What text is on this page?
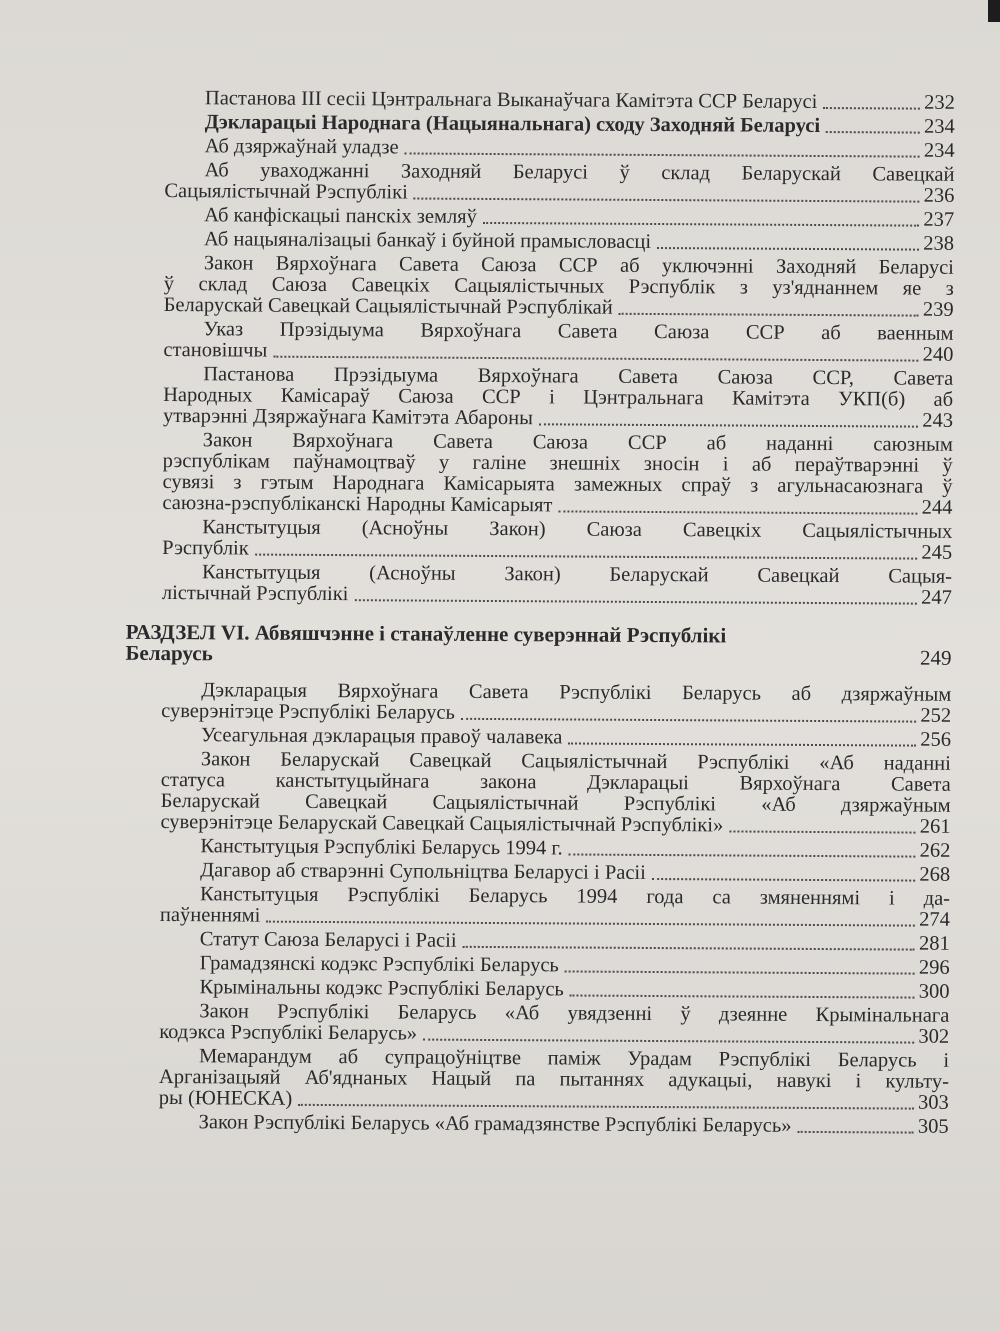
Пастанова ІІІ сесіі Цэнтральнага Выканаўчага Камітэта ССР Беларусі	232
Дэкларацыі Народнага (Нацыянальнага) сходу Заходняй Беларусі	234
Аб дзяржаўнай уладзе	234
Аб уваходжанні Заходняй Беларусі ў склад Беларускай Савецкай
Сацыялістычнай Рэспублікі	236
Аб канфіскацыі панскіх земляў	237
Аб нацыяналізацыі банкаў і буйной прамысловасці	238
Закон Вярхоўнага Савета Саюза ССР аб уключэнні Заходняй Беларусі
ў склад Саюза Савецкіх Сацыялістычных Рэспублік з уз'яднаннем яе з
Беларускай Савецкай Сацыялістычнай Рэспублікай	239
Указ Прэзідыума Вярхоўнага Савета Саюза ССР аб ваенным
становішчы	240
Пастанова Прэзідыума Вярхоўнага Савета Саюза ССР, Савета
Народных Камісараў Саюза ССР і Цэнтральнага Камітэта УКП(б) аб
утварэнні Дзяржаўнага Камітэта Абароны	243
Закон Вярхоўнага Савета Саюза ССР аб наданні саюзным
рэспублікам паўнамоцтваў у галіне знешніх зносін і аб пераўтварэнні ў
сувязі з гэтым Народнага Камісарыята замежных спраў з агульнасаюзнага ў
саюзна-рэспубліканскі Народны Камісарыят	244
Канстытуцыя (Асноўны Закон) Саюза Савецкіх Сацыялістычных
Рэспублік	245
Канстытуцыя (Асноўны Закон) Беларускай Савецкай Сацыя-
лістычнай Рэспублікі	247
РАЗДЗЕЛ VI. Абвяшчэнне і станаўленне суверэннай Рэспублікі
Беларусь	249
Дэкларацыя Вярхоўнага Савета Рэспублікі Беларусь аб дзяржаўным
суверэнітэце Рэспублікі Беларусь	252
Усеагульная дэкларацыя правоў чалавека	256
Закон Беларускай Савецкай Сацыялістычнай Рэспублікі «Аб наданні
статуса канстытуцыйнага закона Дэкларацыі Вярхоўнага Савета
Беларускай Савецкай Сацыялістычнай Рэспублікі «Аб дзяржаўным
суверэнітэце Беларускай Савецкай Сацыялістычнай Рэспублікі»	261
Канстытуцыя Рэспублікі Беларусь 1994 г.	262
Дагавор аб стварэнні Супольніцтва Беларусі і Расіі	268
Канстытуцыя Рэспублікі Беларусь 1994 года са змяненнямі і да-
паўненнямі	274
Статут Саюза Беларусі і Расіі	281
Грамадзянскі кодэкс Рэспублікі Беларусь	296
Крымінальны кодэкс Рэспублікі Беларусь	300
Закон Рэспублікі Беларусь «Аб увядзенні ў дзеянне Крымінальнага
кодэкса Рэспублікі Беларусь»	302
Мемарандум аб супрацоўніцтве паміж Урадам Рэспублікі Беларусь і
Арганізацыяй Аб'яднаных Нацый па пытаннях адукацыі, навукі і культу-
ры (ЮНЕСКА)	303
Закон Рэспублікі Беларусь «Аб грамадзянстве Рэспублікі Беларусь»	305
